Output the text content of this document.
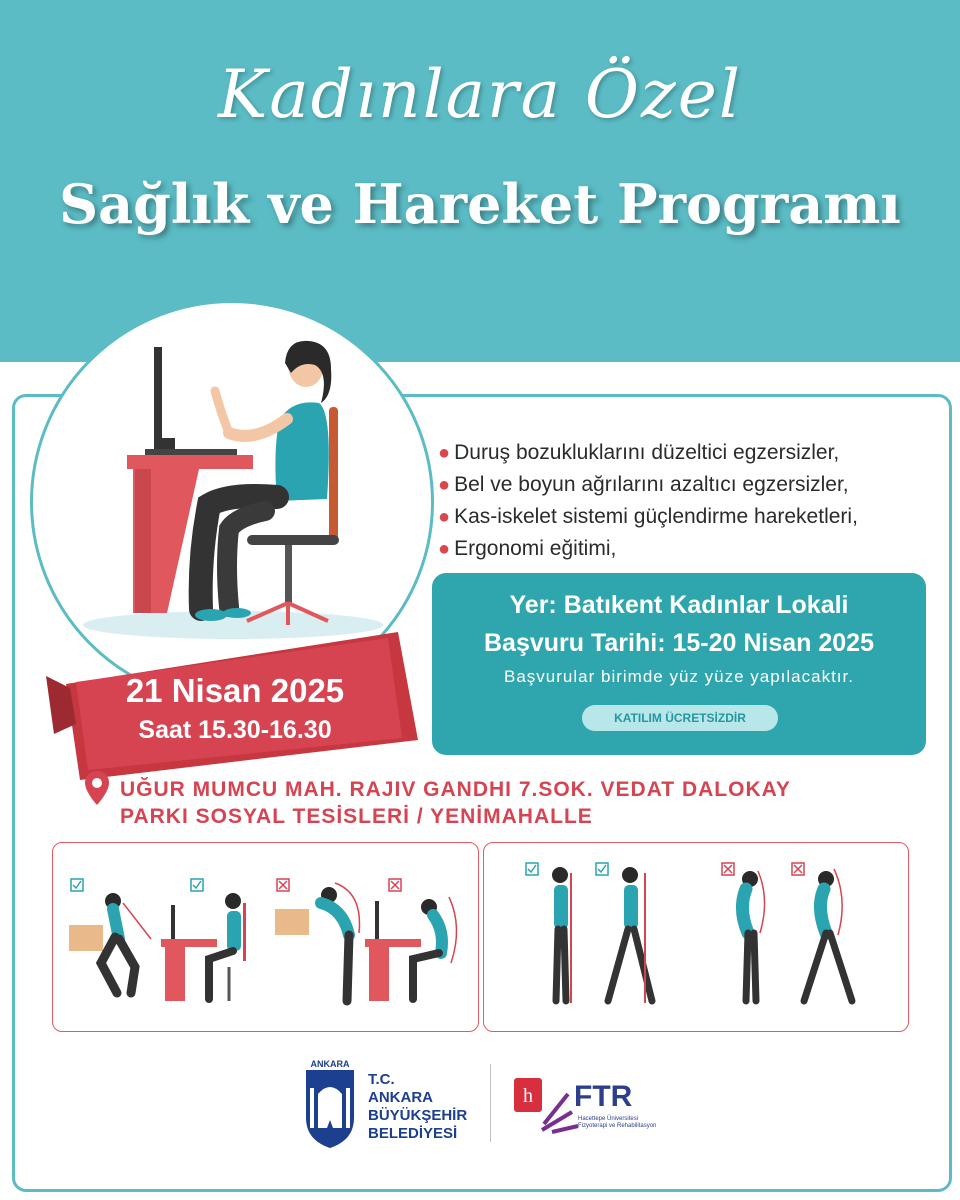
Kadınlara Özel
Sağlık ve Hareket Programı
● Duruş bozukluklarını düzeltici egzersizler,
● Bel ve boyun ağrılarını azaltıcı egzersizler,
● Kas-iskelet sistemi güçlendirme hareketleri,
● Ergonomi eğitimi,
Yer: Batıkent Kadınlar Lokali
Başvuru Tarihi: 15-20 Nisan 2025
Başvurular birimde yüz yüze yapılacaktır.
KATILIM ÜCRETSİZDİR
21 Nisan 2025
Saat 15.30-16.30
UĞUR MUMCU MAH. RAJIV GANDHI 7.SOK. VEDAT DALOKAY
PARKI SOSYAL TESİSLERİ / YENİMAHALLE
ANKARA
T.C.
ANKARA
BÜYÜKŞEHİR
BELEDİYESİ
h FTR
Hacettepe Üniversitesi
Fizyoterapi ve Rehabilitasyon
